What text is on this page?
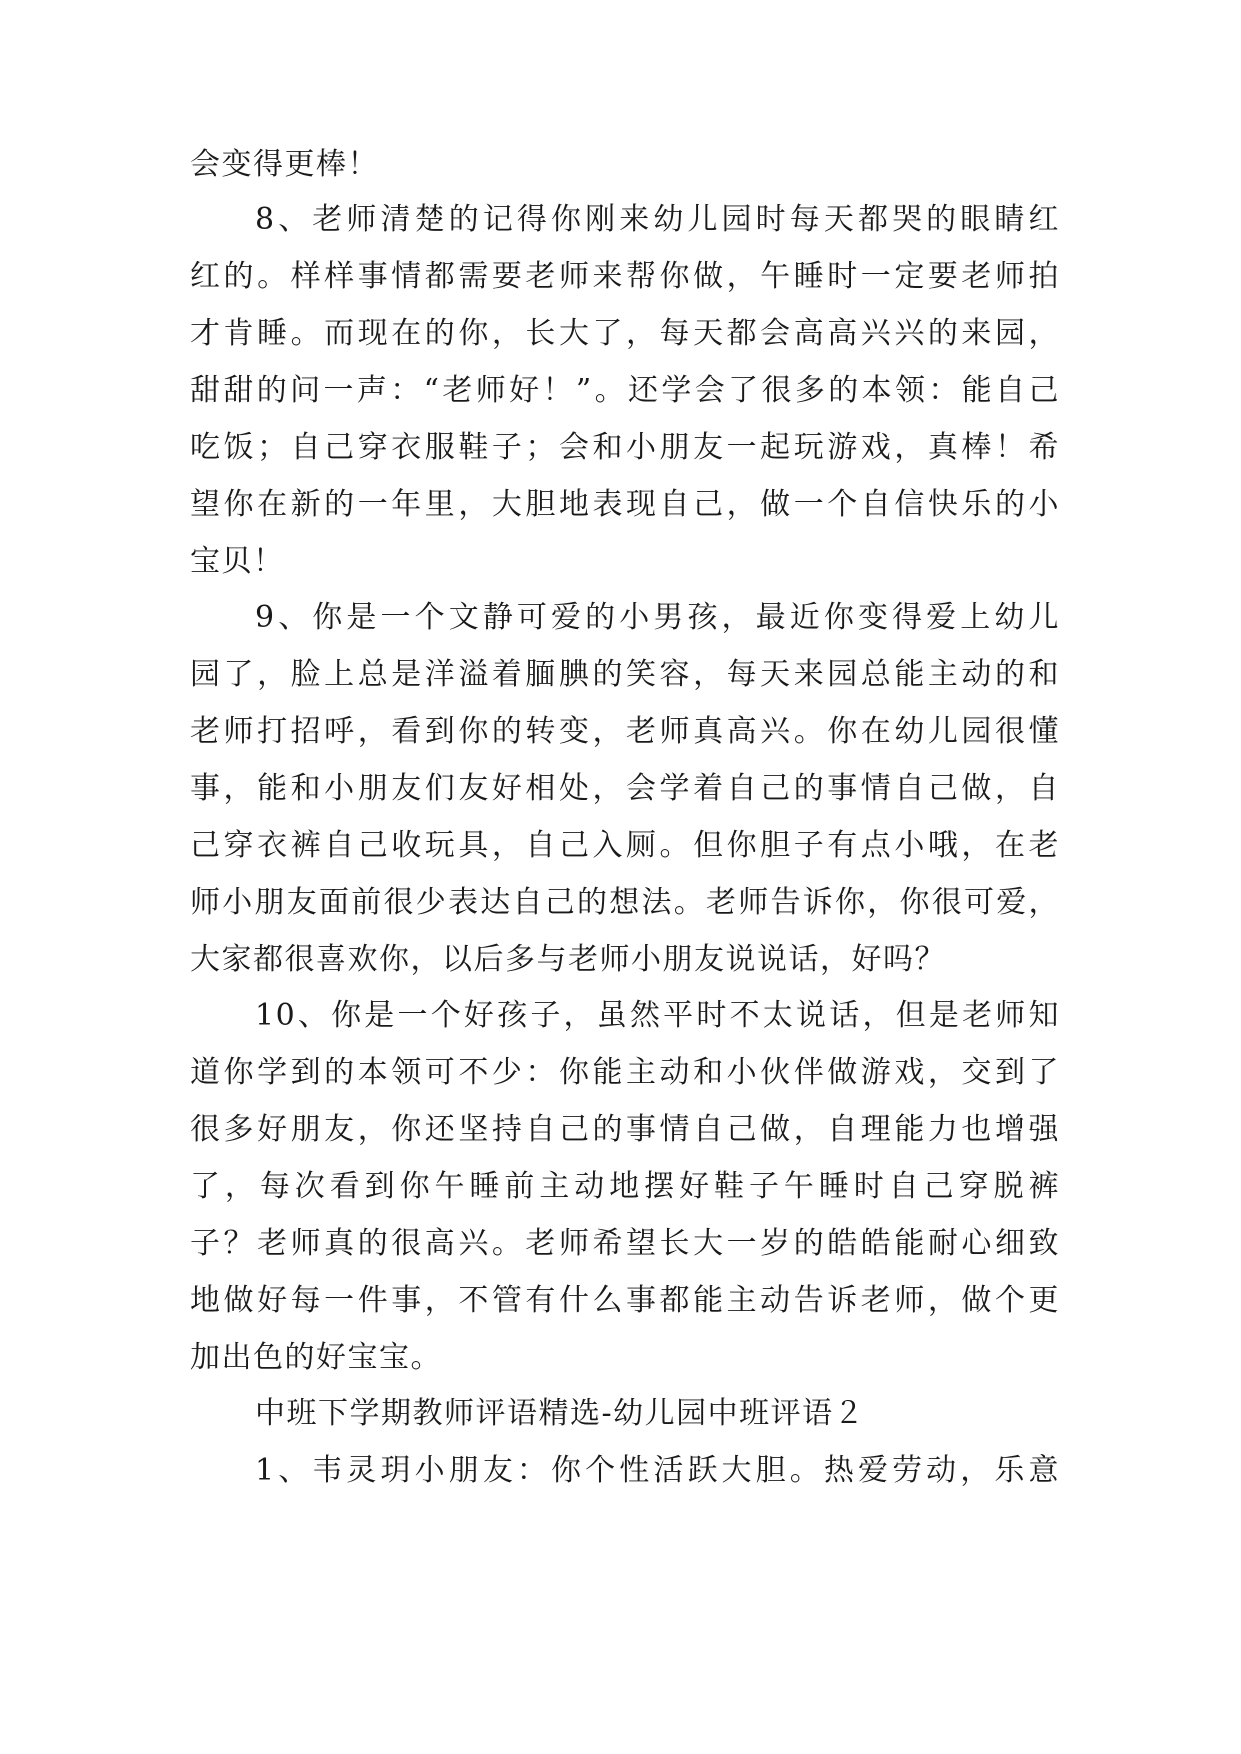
会变得更棒！
8、老师清楚的记得你刚来幼儿园时每天都哭的眼睛红
红的。样样事情都需要老师来帮你做，午睡时一定要老师拍
才肯睡。而现在的你，长大了，每天都会高高兴兴的来园，
甜甜的问一声：“老师好！”。还学会了很多的本领：能自己
吃饭；自己穿衣服鞋子；会和小朋友一起玩游戏，真棒！希
望你在新的一年里，大胆地表现自己，做一个自信快乐的小
宝贝！
9、你是一个文静可爱的小男孩，最近你变得爱上幼儿
园了，脸上总是洋溢着腼腆的笑容，每天来园总能主动的和
老师打招呼，看到你的转变，老师真高兴。你在幼儿园很懂
事，能和小朋友们友好相处，会学着自己的事情自己做，自
己穿衣裤自己收玩具，自己入厕。但你胆子有点小哦，在老
师小朋友面前很少表达自己的想法。老师告诉你，你很可爱，
大家都很喜欢你，以后多与老师小朋友说说话，好吗？
10、你是一个好孩子，虽然平时不太说话，但是老师知
道你学到的本领可不少：你能主动和小伙伴做游戏，交到了
很多好朋友，你还坚持自己的事情自己做，自理能力也增强
了，每次看到你午睡前主动地摆好鞋子午睡时自己穿脱裤
子？老师真的很高兴。老师希望长大一岁的皓皓能耐心细致
地做好每一件事，不管有什么事都能主动告诉老师，做个更
加出色的好宝宝。
中班下学期教师评语精选-幼儿园中班评语２
1、韦灵玥小朋友：你个性活跃大胆。热爱劳动，乐意
